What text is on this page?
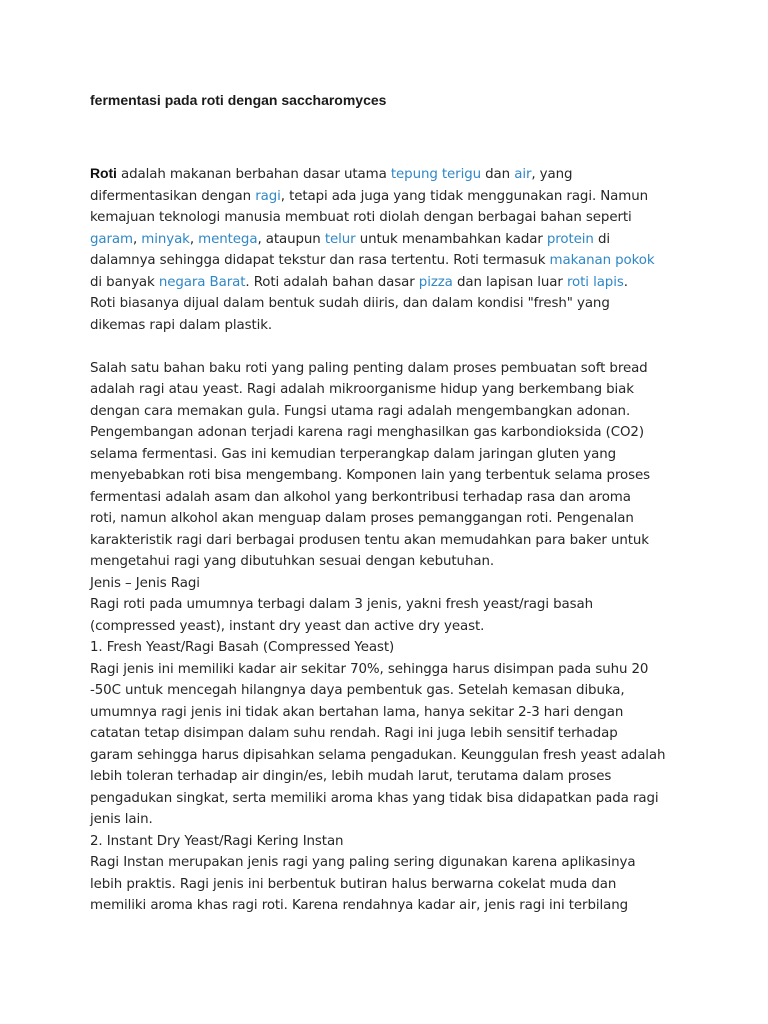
fermentasi pada roti dengan saccharomyces
Roti adalah makanan berbahan dasar utama tepung terigu dan air, yang
difermentasikan dengan ragi, tetapi ada juga yang tidak menggunakan ragi. Namun
kemajuan teknologi manusia membuat roti diolah dengan berbagai bahan seperti
garam, minyak, mentega, ataupun telur untuk menambahkan kadar protein di
dalamnya sehingga didapat tekstur dan rasa tertentu. Roti termasuk makanan pokok
di banyak negara Barat. Roti adalah bahan dasar pizza dan lapisan luar roti lapis.
Roti biasanya dijual dalam bentuk sudah diiris, dan dalam kondisi "fresh" yang
dikemas rapi dalam plastik.
Salah satu bahan baku roti yang paling penting dalam proses pembuatan soft bread
adalah ragi atau yeast. Ragi adalah mikroorganisme hidup yang berkembang biak
dengan cara memakan gula. Fungsi utama ragi adalah mengembangkan adonan.
Pengembangan adonan terjadi karena ragi menghasilkan gas karbondioksida (CO2)
selama fermentasi. Gas ini kemudian terperangkap dalam jaringan gluten yang
menyebabkan roti bisa mengembang. Komponen lain yang terbentuk selama proses
fermentasi adalah asam dan alkohol yang berkontribusi terhadap rasa dan aroma
roti, namun alkohol akan menguap dalam proses pemanggangan roti. Pengenalan
karakteristik ragi dari berbagai produsen tentu akan memudahkan para baker untuk
mengetahui ragi yang dibutuhkan sesuai dengan kebutuhan.
Jenis – Jenis Ragi
Ragi roti pada umumnya terbagi dalam 3 jenis, yakni fresh yeast/ragi basah
(compressed yeast), instant dry yeast dan active dry yeast.
1. Fresh Yeast/Ragi Basah (Compressed Yeast)
Ragi jenis ini memiliki kadar air sekitar 70%, sehingga harus disimpan pada suhu 20
-50C untuk mencegah hilangnya daya pembentuk gas. Setelah kemasan dibuka,
umumnya ragi jenis ini tidak akan bertahan lama, hanya sekitar 2-3 hari dengan
catatan tetap disimpan dalam suhu rendah. Ragi ini juga lebih sensitif terhadap
garam sehingga harus dipisahkan selama pengadukan. Keunggulan fresh yeast adalah
lebih toleran terhadap air dingin/es, lebih mudah larut, terutama dalam proses
pengadukan singkat, serta memiliki aroma khas yang tidak bisa didapatkan pada ragi
jenis lain.
2. Instant Dry Yeast/Ragi Kering Instan
Ragi Instan merupakan jenis ragi yang paling sering digunakan karena aplikasinya
lebih praktis. Ragi jenis ini berbentuk butiran halus berwarna cokelat muda dan
memiliki aroma khas ragi roti. Karena rendahnya kadar air, jenis ragi ini terbilang
